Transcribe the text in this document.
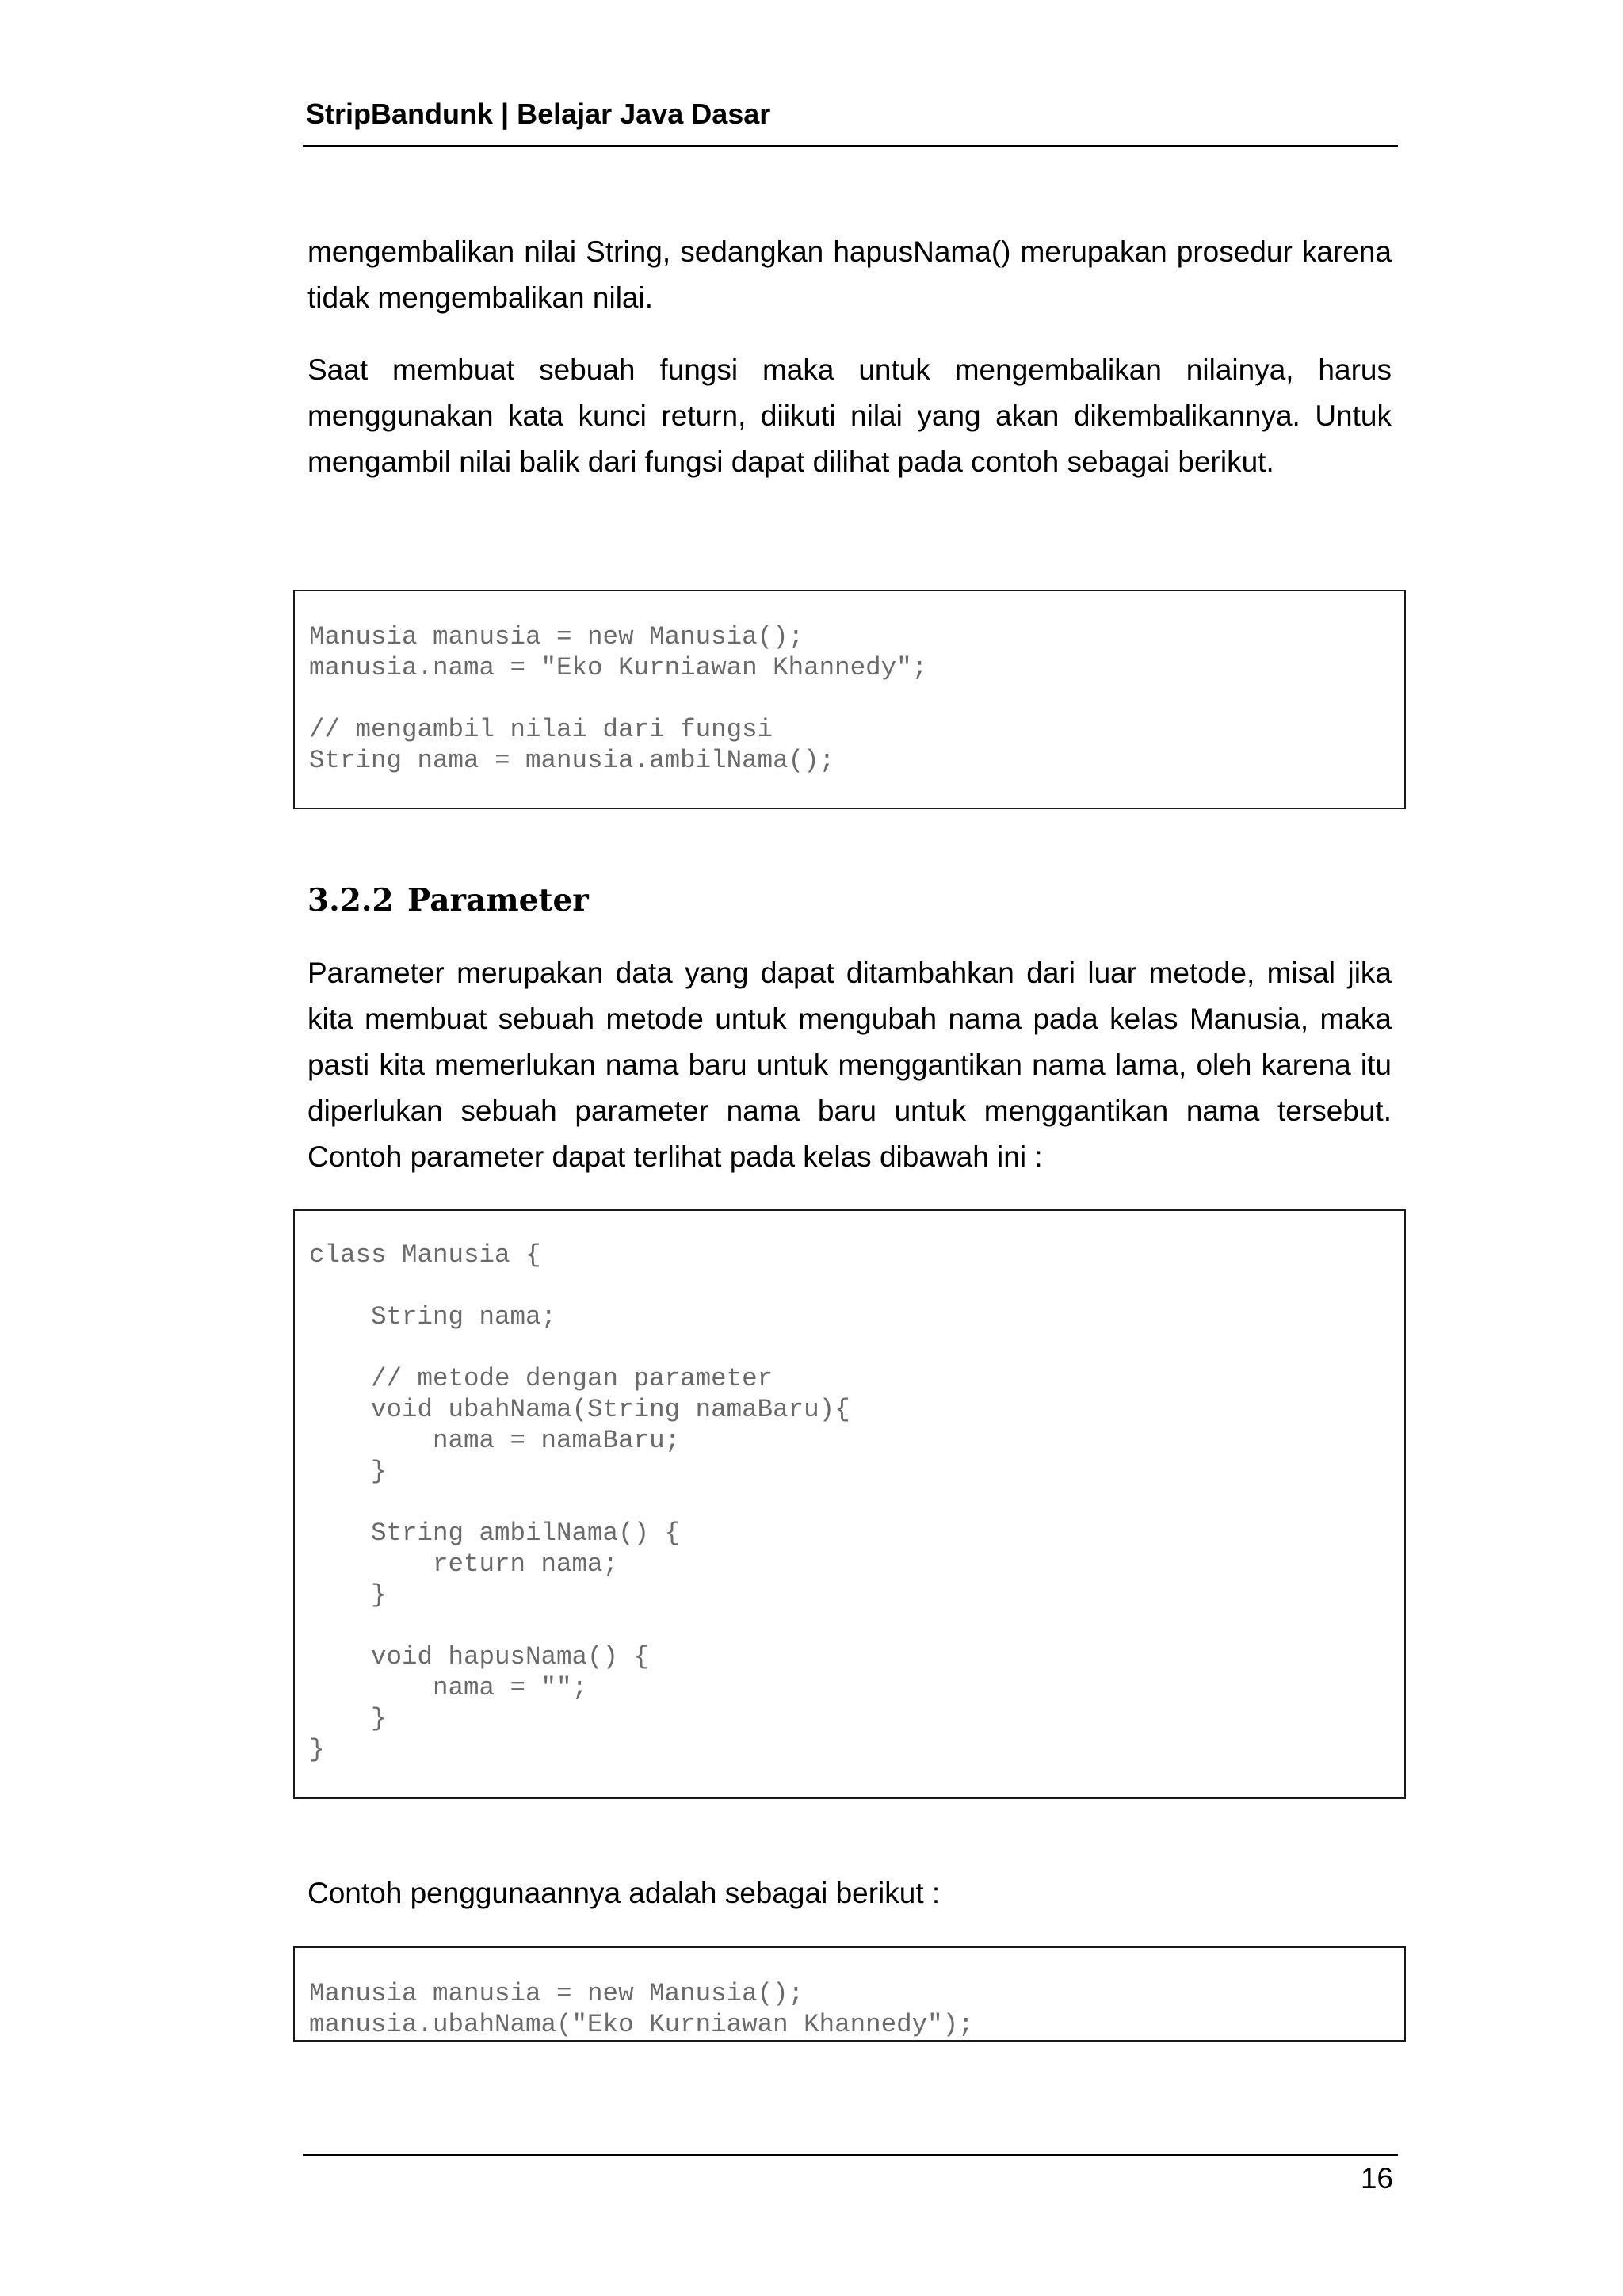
StripBandunk | Belajar Java Dasar

mengembalikan nilai String, sedangkan hapusNama() merupakan prosedur karena tidak mengembalikan nilai.

Saat membuat sebuah fungsi maka untuk mengembalikan nilainya, harus menggunakan kata kunci return, diikuti nilai yang akan dikembalikannya. Untuk mengambil nilai balik dari fungsi dapat dilihat pada contoh sebagai berikut.

Manusia manusia = new Manusia();
manusia.nama = "Eko Kurniawan Khannedy";

// mengambil nilai dari fungsi
String nama = manusia.ambilNama();
3.2.2 Parameter

Parameter merupakan data yang dapat ditambahkan dari luar metode, misal jika kita membuat sebuah metode untuk mengubah nama pada kelas Manusia, maka pasti kita memerlukan nama baru untuk menggantikan nama lama, oleh karena itu diperlukan sebuah parameter nama baru untuk menggantikan nama tersebut. Contoh parameter dapat terlihat pada kelas dibawah ini :

class Manusia {

String nama;

// metode dengan parameter
void ubahNama(String namaBaru){
nama = namaBaru;
}

String ambilNama() {
return nama;
}

void hapusNama() {
nama = "";
}
}

Contoh penggunaannya adalah sebagai berikut :

Manusia manusia = new Manusia();
manusia.ubahNama("Eko Kurniawan Khannedy");
16
